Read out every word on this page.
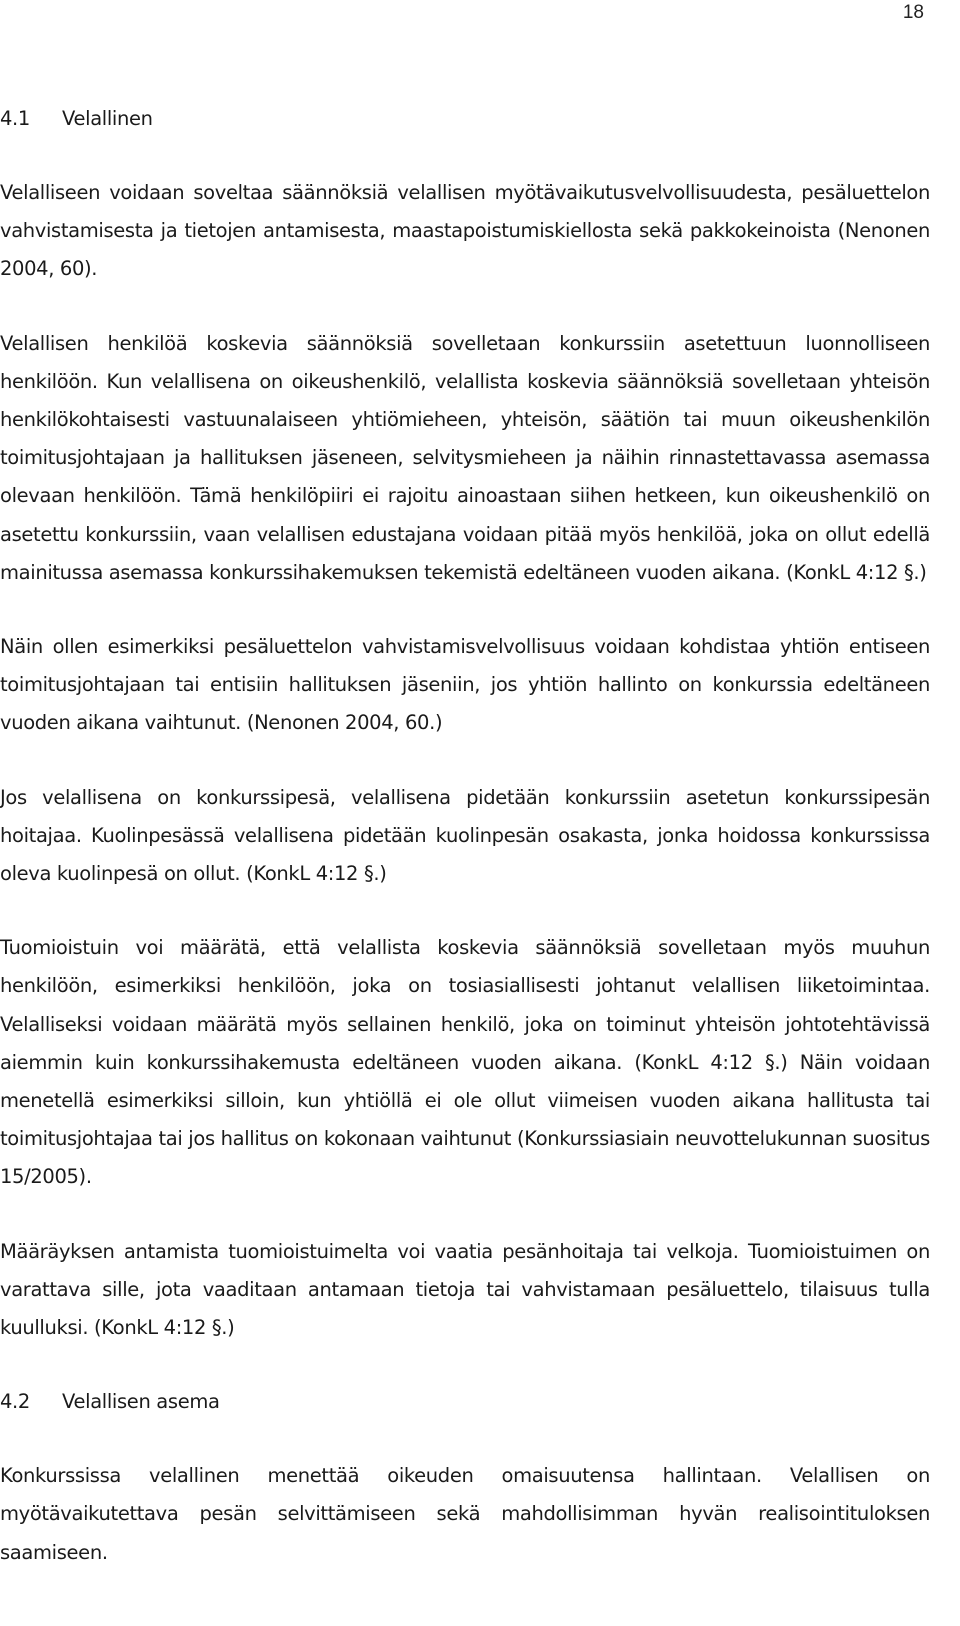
18
4.1	Velallinen

Velalliseen voidaan soveltaa säännöksiä velallisen myötävaikutusvelvollisuudesta, pesäluettelon vahvistamisesta ja tietojen antamisesta, maastapoistumiskiellosta sekä pakkokeinoista (Nenonen 2004, 60).

Velallisen henkilöä koskevia säännöksiä sovelletaan konkurssiin asetettuun luonnolliseen henkilöön. Kun velallisena on oikeushenkilö, velallista koskevia säännöksiä sovelletaan yhteisön henkilökohtaisesti vastuunalaiseen yhtiömieheen, yhteisön, säätiön tai muun oikeushenkilön toimitusjohtajaan ja hallituksen jäseneen, selvitysmieheen ja näihin rinnastettavassa asemassa olevaan henkilöön. Tämä henkilöpiiri ei rajoitu ainoastaan siihen hetkeen, kun oikeushenkilö on asetettu konkurssiin, vaan velallisen edustajana voidaan pitää myös henkilöä, joka on ollut edellä mainitussa asemassa konkurssihakemuksen tekemistä edeltäneen vuoden aikana. (KonkL 4:12 §.)

Näin ollen esimerkiksi pesäluettelon vahvistamisvelvollisuus voidaan kohdistaa yhtiön entiseen toimitusjohtajaan tai entisiin hallituksen jäseniin, jos yhtiön hallinto on konkurssia edeltäneen vuoden aikana vaihtunut. (Nenonen 2004, 60.)

Jos velallisena on konkurssipesä, velallisena pidetään konkurssiin asetetun konkurssipesän hoitajaa. Kuolinpesässä velallisena pidetään kuolinpesän osakasta, jonka hoidossa konkurssissa oleva kuolinpesä on ollut. (KonkL 4:12 §.)

Tuomioistuin voi määrätä, että velallista koskevia säännöksiä sovelletaan myös muuhun henkilöön, esimerkiksi henkilöön, joka on tosiasiallisesti johtanut velallisen liiketoimintaa. Velalliseksi voidaan määrätä myös sellainen henkilö, joka on toiminut yhteisön johtotehtävissä aiemmin kuin konkurssihakemusta edeltäneen vuoden aikana. (KonkL 4:12 §.) Näin voidaan menetellä esimerkiksi silloin, kun yhtiöllä ei ole ollut viimeisen vuoden aikana hallitusta tai toimitusjohtajaa tai jos hallitus on kokonaan vaihtunut (Konkurssiasiain neuvottelukunnan suositus 15/2005).

Määräyksen antamista tuomioistuimelta voi vaatia pesänhoitaja tai velkoja. Tuomioistuimen on varattava sille, jota vaaditaan antamaan tietoja tai vahvistamaan pesäluettelo, tilaisuus tulla kuulluksi. (KonkL 4:12 §.)

4.2	Velallisen asema

Konkurssissa velallinen menettää oikeuden omaisuutensa hallintaan. Velallisen on myötävaikutettava pesän selvittämiseen sekä mahdollisimman hyvän realisointituloksen saamiseen.
